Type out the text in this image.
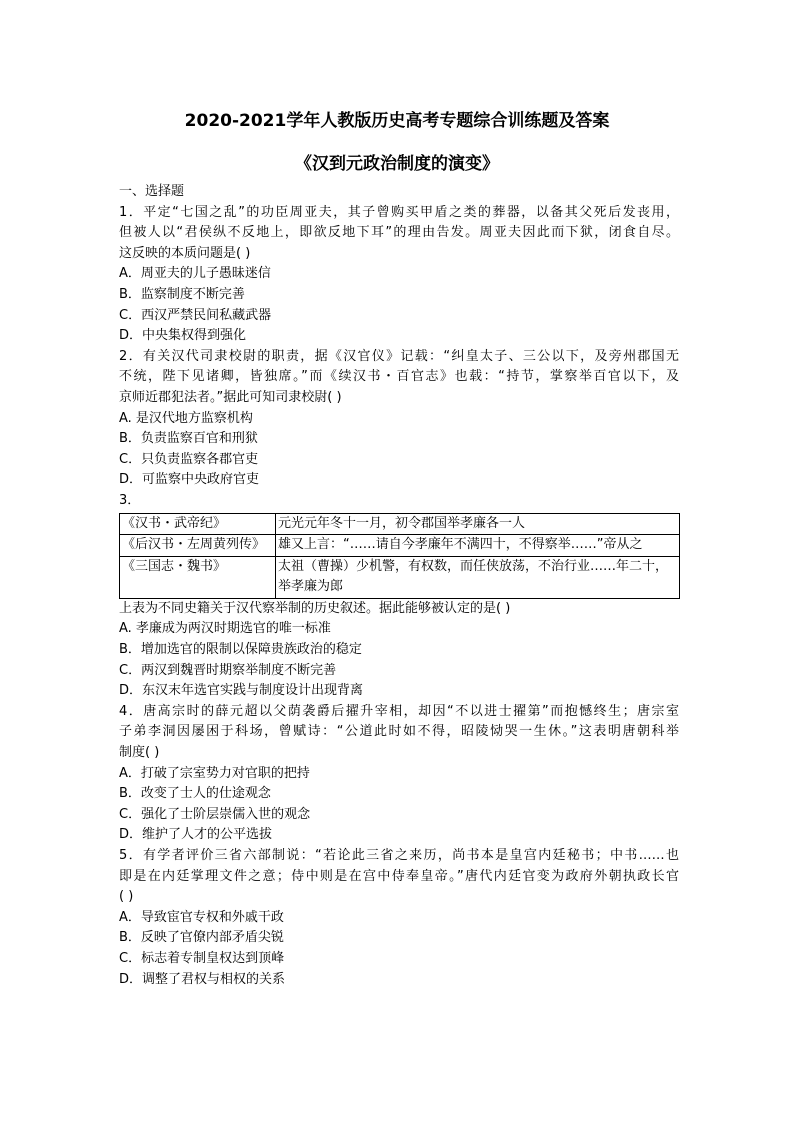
2020-2021学年人教版历史高考专题综合训练题及答案
《汉到元政治制度的演变》
一、选择题
1．平定“七国之乱”的功臣周亚夫，其子曾购买甲盾之类的葬器，以备其父死后发丧用，
但被人以“君侯纵不反地上，即欲反地下耳”的理由告发。周亚夫因此而下狱，闭食自尽。
这反映的本质问题是( )
A．周亚夫的儿子愚昧迷信
B．监察制度不断完善
C．西汉严禁民间私藏武器
D．中央集权得到强化
2．有关汉代司隶校尉的职责，据《汉官仪》记载：“纠皇太子、三公以下，及旁州郡国无
不统，陛下见诸卿，皆独席。”而《续汉书・百官志》也载：“持节，掌察举百官以下，及
京师近郡犯法者。”据此可知司隶校尉( )
A. 是汉代地方监察机构
B．负责监察百官和刑狱
C．只负责监察各郡官吏
D．可监察中央政府官吏
3．
《汉书・武帝纪》	元光元年冬十一月，初令郡国举孝廉各一人
《后汉书・左周黄列传》	雄又上言：“……请自今孝廉年不满四十，不得察举……”帝从之
《三国志・魏书》	太祖（曹操）少机警，有权数，而任侠放荡，不治行业……年二十，举孝廉为郎
上表为不同史籍关于汉代察举制的历史叙述。据此能够被认定的是( )
A. 孝廉成为两汉时期选官的唯一标准
B．增加选官的限制以保障贵族政治的稳定
C．两汉到魏晋时期察举制度不断完善
D．东汉末年选官实践与制度设计出现背离
4．唐高宗时的薛元超以父荫袭爵后擢升宰相，却因“不以进士擢第”而抱憾终生；唐宗室
子弟李洞因屡困于科场，曾赋诗：“公道此时如不得，昭陵恸哭一生休。”这表明唐朝科举
制度( )
A．打破了宗室势力对官职的把持
B．改变了士人的仕途观念
C．强化了士阶层崇儒入世的观念
D．维护了人才的公平选拔
5．有学者评价三省六部制说：“若论此三省之来历，尚书本是皇宫内廷秘书；中书……也
即是在内廷掌理文件之意；侍中则是在宫中侍奉皇帝。”唐代内廷官变为政府外朝执政长官
( )
A．导致宦官专权和外戚干政
B．反映了官僚内部矛盾尖锐
C．标志着专制皇权达到顶峰
D．调整了君权与相权的关系
